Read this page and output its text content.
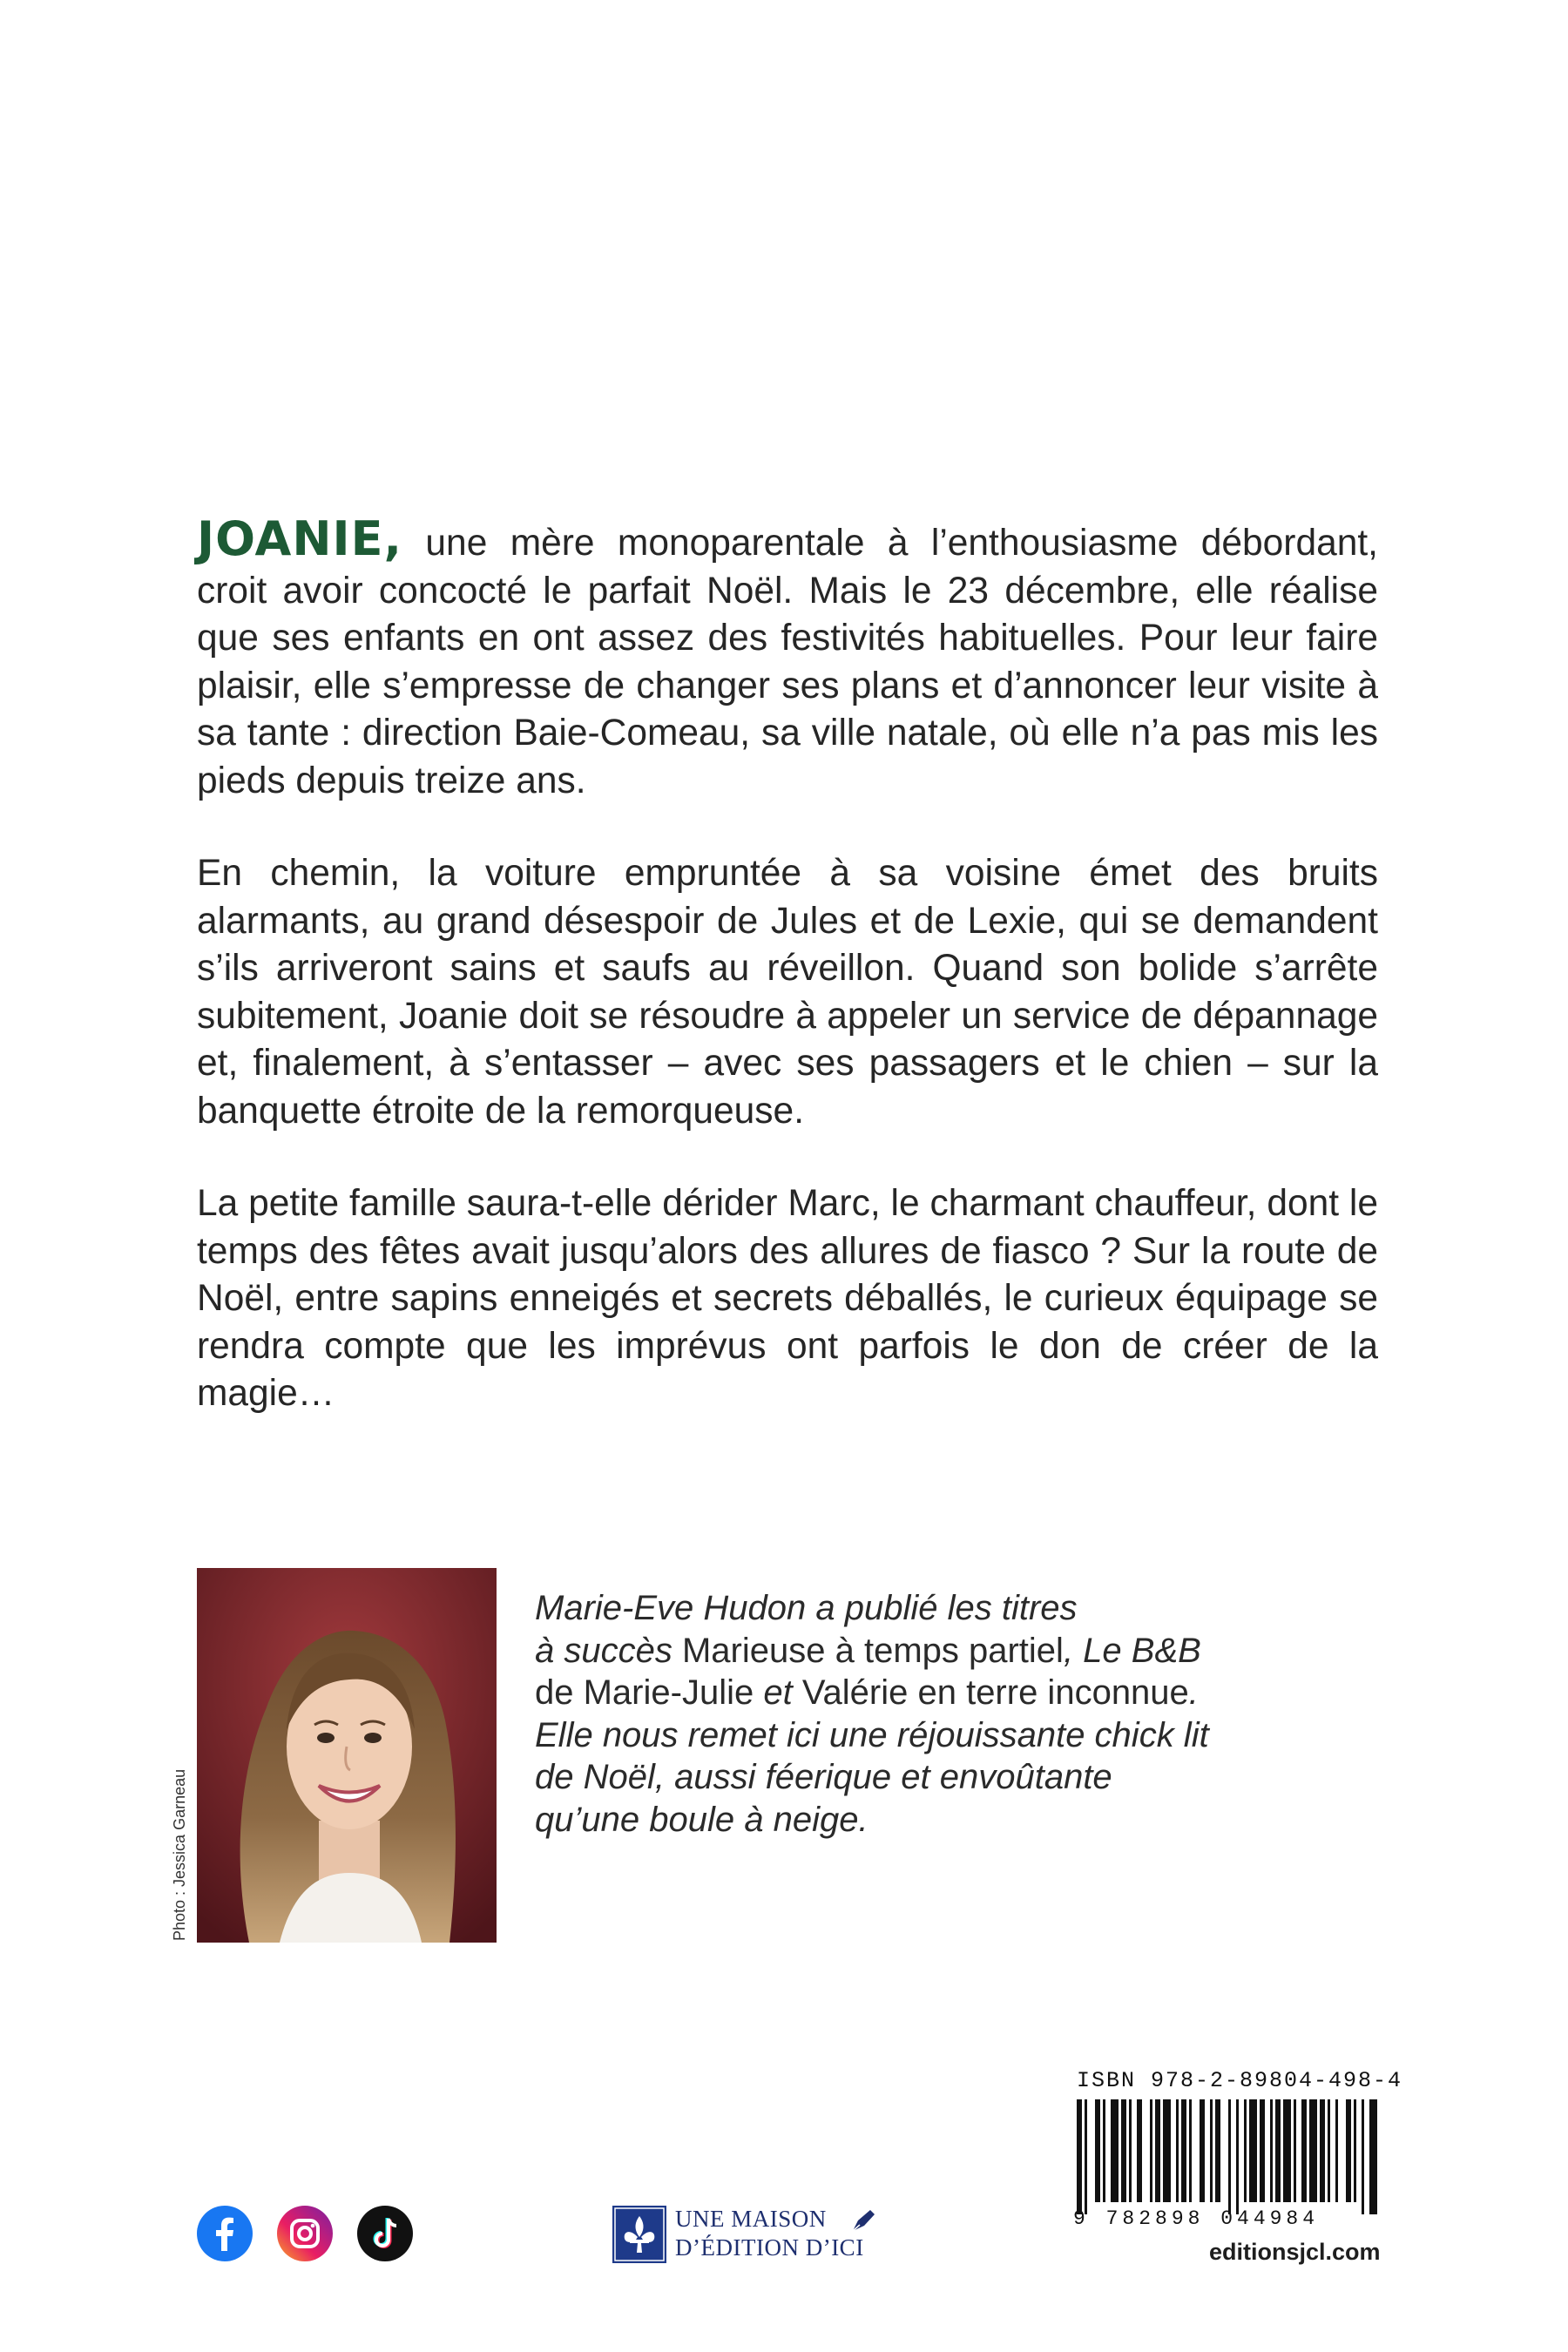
JOANIE, une mère monoparentale à l’enthousiasme débordant, croit avoir concocté le parfait Noël. Mais le 23 décembre, elle réalise que ses enfants en ont assez des festivités habituelles. Pour leur faire plaisir, elle s’empresse de changer ses plans et d’annoncer leur visite à sa tante : direction Baie-Comeau, sa ville natale, où elle n’a pas mis les pieds depuis treize ans.

En chemin, la voiture empruntée à sa voisine émet des bruits alarmants, au grand désespoir de Jules et de Lexie, qui se demandent s’ils arriveront sains et saufs au réveillon. Quand son bolide s’arrête subitement, Joanie doit se résoudre à appeler un service de dépannage et, finalement, à s’entasser – avec ses passagers et le chien – sur la banquette étroite de la remorqueuse.

La petite famille saura-t-elle dérider Marc, le charmant chauffeur, dont le temps des fêtes avait jusqu’alors des allures de fiasco ? Sur la route de Noël, entre sapins enneigés et secrets déballés, le curieux équipage se rendra compte que les imprévus ont parfois le don de créer de la magie…

Photo : Jessica Garneau
Marie-Eve Hudon a publié les titres
à succès Marieuse à temps partiel, Le B&B
de Marie-Julie et Valérie en terre inconnue.
Elle nous remet ici une réjouissante chick lit
de Noël, aussi féerique et envoûtante
qu’une boule à neige.
UNE MAISON
D’ÉDITION D’ICI
ISBN 978-2-89804-498-4
9 782898 044984
editionsjcl.com
